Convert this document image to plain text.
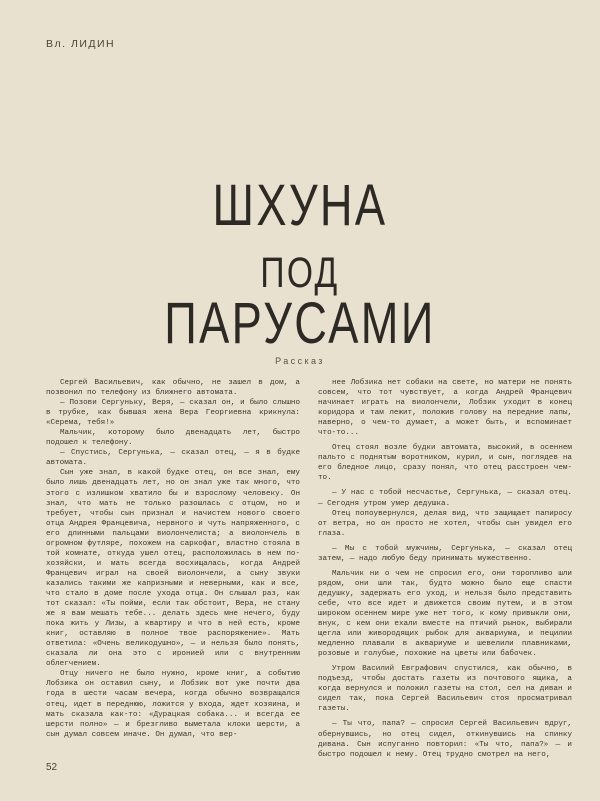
Вл. ЛИДИН
ШХУНА
ПОД
ПАРУСАМИ
Рассказ

Сергей Васильевич, как обычно, не зашел в дом, а позвонил по телефону из ближнего автомата.

— Позови Сергуньку, Веря, — сказал он, и было слышно в трубке, как бывшая жена Вера Георгиевна крикнула: «Серема, тебя!»

Мальчик, которому было двенадцать лет, быстро подошел к телефону.

— Спустись, Сергунька, — сказал отец, — я в будке автомата.

Сын уже знал, в какой будке отец, он все знал, ему было лишь двенадцать лет, но он знал уже так много, что этого с излишком хватило бы и взрослому человеку. Он знал, что мать не только разошлась с отцом, но и требует, чтобы сын признал и начистем нового своего отца Андрея Францевича, нервного и чуть напряженного, с его длинными пальцами виолончелиста; а виолончель в огромном футляре, похожем на саркофаг, властно стояла в той комнате, откуда ушел отец, расположилась в нем по-хозяйски, и мать всегда восхищалась, когда Андрей Францевич играл на своей виолончели, а сыну звуки казались такими же капризными и неверными, как и все, что стало в доме после ухода отца. Он слышал раз, как тот сказал: «Ты пойми, если так обстоит, Вера, не стану же я вам мешать тебе... делать здесь мне нечего, буду пока жить у Лизы, а квартиру и что в ней есть, кроме книг, оставляю в полное твое распоряжение». Мать ответила: «Очень великодушно», — и нельзя было понять, сказала ли она это с иронией или с внутренним облегчением.

Отцу ничего не было нужно, кроме книг, а событию Лобзика он оставил сыну, и Лобзик вот уже почти два года в шести часам вечера, когда обычно возвращался отец, идет в переднюю, ложится у входа, ждет хозяина, и мать сказала как-то: «Дурацкая собака... и всегда ее шерсти полно» — и брезгливо выметала клоки шерсти, а сын думал совсем иначе. Он думал, что вер-

нее Лобзика нет собаки на свете, но матери не понять совсем, что тот чувствует, а когда Андрей Францевич начинает играть на виолончели, Лобзик уходит в конец коридора и там лежит, положив голову на передние лапы, наверно, о чем-то думает, а может быть, и вспоминает что-то...

Отец стоял возле будки автомата, высокий, в осеннем пальто с поднятым воротником, курил, и сын, поглядев на его бледное лицо, сразу понял, что отец расстроен чем-то.

— У нас с тобой несчастье, Сергунька, — сказал отец. — Сегодня утром умер дедушка.

Отец попоувернулся, делая вид, что защищает папиросу от ветра, но он просто не хотел, чтобы сын увидел его глаза.

— Мы с тобой мужчины, Сергунька, — сказал отец затем, — надо любую беду принимать мужественно.

Мальчик ни о чем не спросил его, они торопливо шли рядом, они шли так, будто можно было еще спасти дедушку, задержать его уход, и нельзя было представить себе, что все идет и движется своим путем, и в этом широком осеннем мире уже нет того, к кому привыкли они, внук, с кем они ехали вместе на птичий рынок, выбирали щегла или живородящих рыбок для аквариума, и пецилии медленно плавали в аквариуме и шевелили плавниками, розовые и голубые, похожие на цветы или бабочек.

Утром Василий Евграфович спустился, как обычно, в подъезд, чтобы достать газеты из почтового ящика, а когда вернулся и положил газеты на стол, сел на диван и сидел так, пока Сергей Васильевич стоя просматривал газеты.

— Ты что, папа? — спросил Сергей Васильевич вдруг, обернувшись, но отец сидел, откинувшись на спинку дивана. Сын испуганно повторил: «Ты что, папа?» — и быстро подошел к нему. Отец трудно смотрел на него,

52
